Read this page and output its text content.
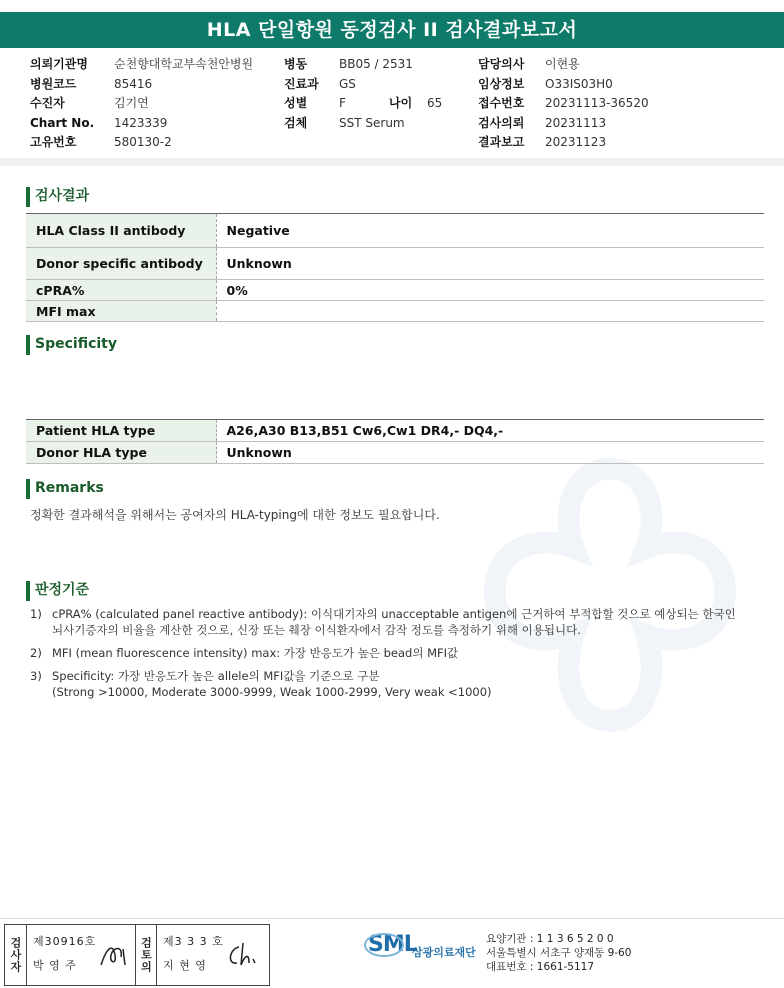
HLA 단일항원 동정검사 II 검사결과보고서
의뢰기관명	순천향대학교부속천안병원
병원코드	85416
수진자	김기연
Chart No.	1423339
고유번호	580130-2
병동	BB05 / 2531
진료과	GS
성별	F	나이	65
검체	SST Serum
담당의사	이현용
임상정보	O33IS03H0
접수번호	20231113-36520
검사의뢰	20231113
결과보고	20231123
검사결과
HLA Class II antibody	Negative
Donor specific antibody	Unknown
cPRA%	0%
MFI max	
Specificity
Patient HLA type	A26,A30 B13,B51 Cw6,Cw1 DR4,- DQ4,-
Donor HLA type	Unknown
Remarks
정확한 결과해석을 위해서는 공여자의 HLA-typing에 대한 정보도 필요합니다.
판정기준
1) cPRA% (calculated panel reactive antibody): 이식대기자의 unacceptable antigen에 근거하여 부적합할 것으로 예상되는 한국인
뇌사기증자의 비율을 계산한 것으로, 신장 또는 췌장 이식환자에서 감작 정도를 측정하기 위해 이용됩니다.
2) MFI (mean fluorescence intensity) max: 가장 반응도가 높은 bead의 MFI값
3) Specificity: 가장 반응도가 높은 allele의 MFI값을 기준으로 구분
(Strong >10000, Moderate 3000-9999, Weak 1000-2999, Very weak <1000)
검사자 제30916호
박 영 주	검토의 제3 3 3 호
지 현 영
SML
삼광의료재단
요양기관 : 1 1 3 6 5 2 0 0
서울특별시 서초구 양재동 9-60
대표번호 : 1661-5117
